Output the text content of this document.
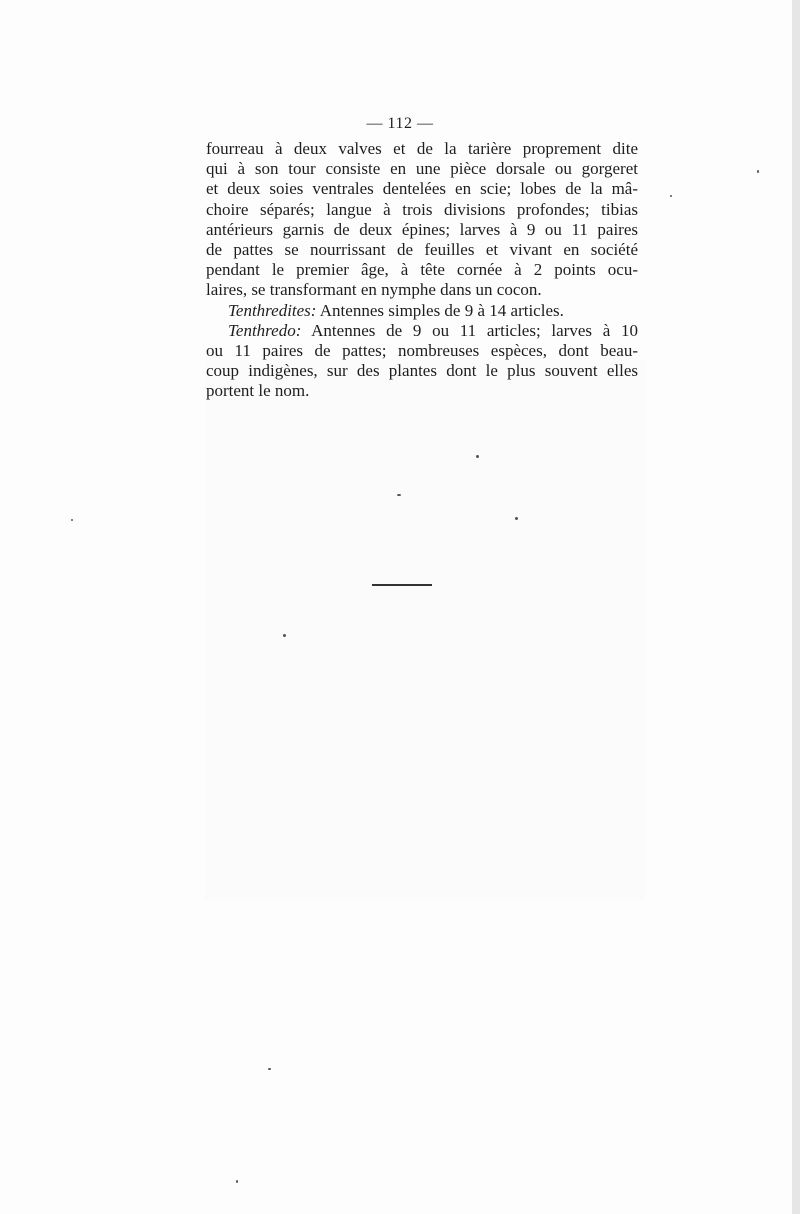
— 112 —
fourreau à deux valves et de la tarière proprement dite
qui à son tour consiste en une pièce dorsale ou gorgeret
et deux soies ventrales dentelées en scie; lobes de la mâ-
choire séparés; langue à trois divisions profondes; tibias
antérieurs garnis de deux épines; larves à 9 ou 11 paires
de pattes se nourrissant de feuilles et vivant en société
pendant le premier âge, à tête cornée à 2 points ocu-
laires, se transformant en nymphe dans un cocon.
Tenthredites: Antennes simples de 9 à 14 articles.
Tenthredo: Antennes de 9 ou 11 articles; larves à 10
ou 11 paires de pattes; nombreuses espèces, dont beau-
coup indigènes, sur des plantes dont le plus souvent elles
portent le nom.
